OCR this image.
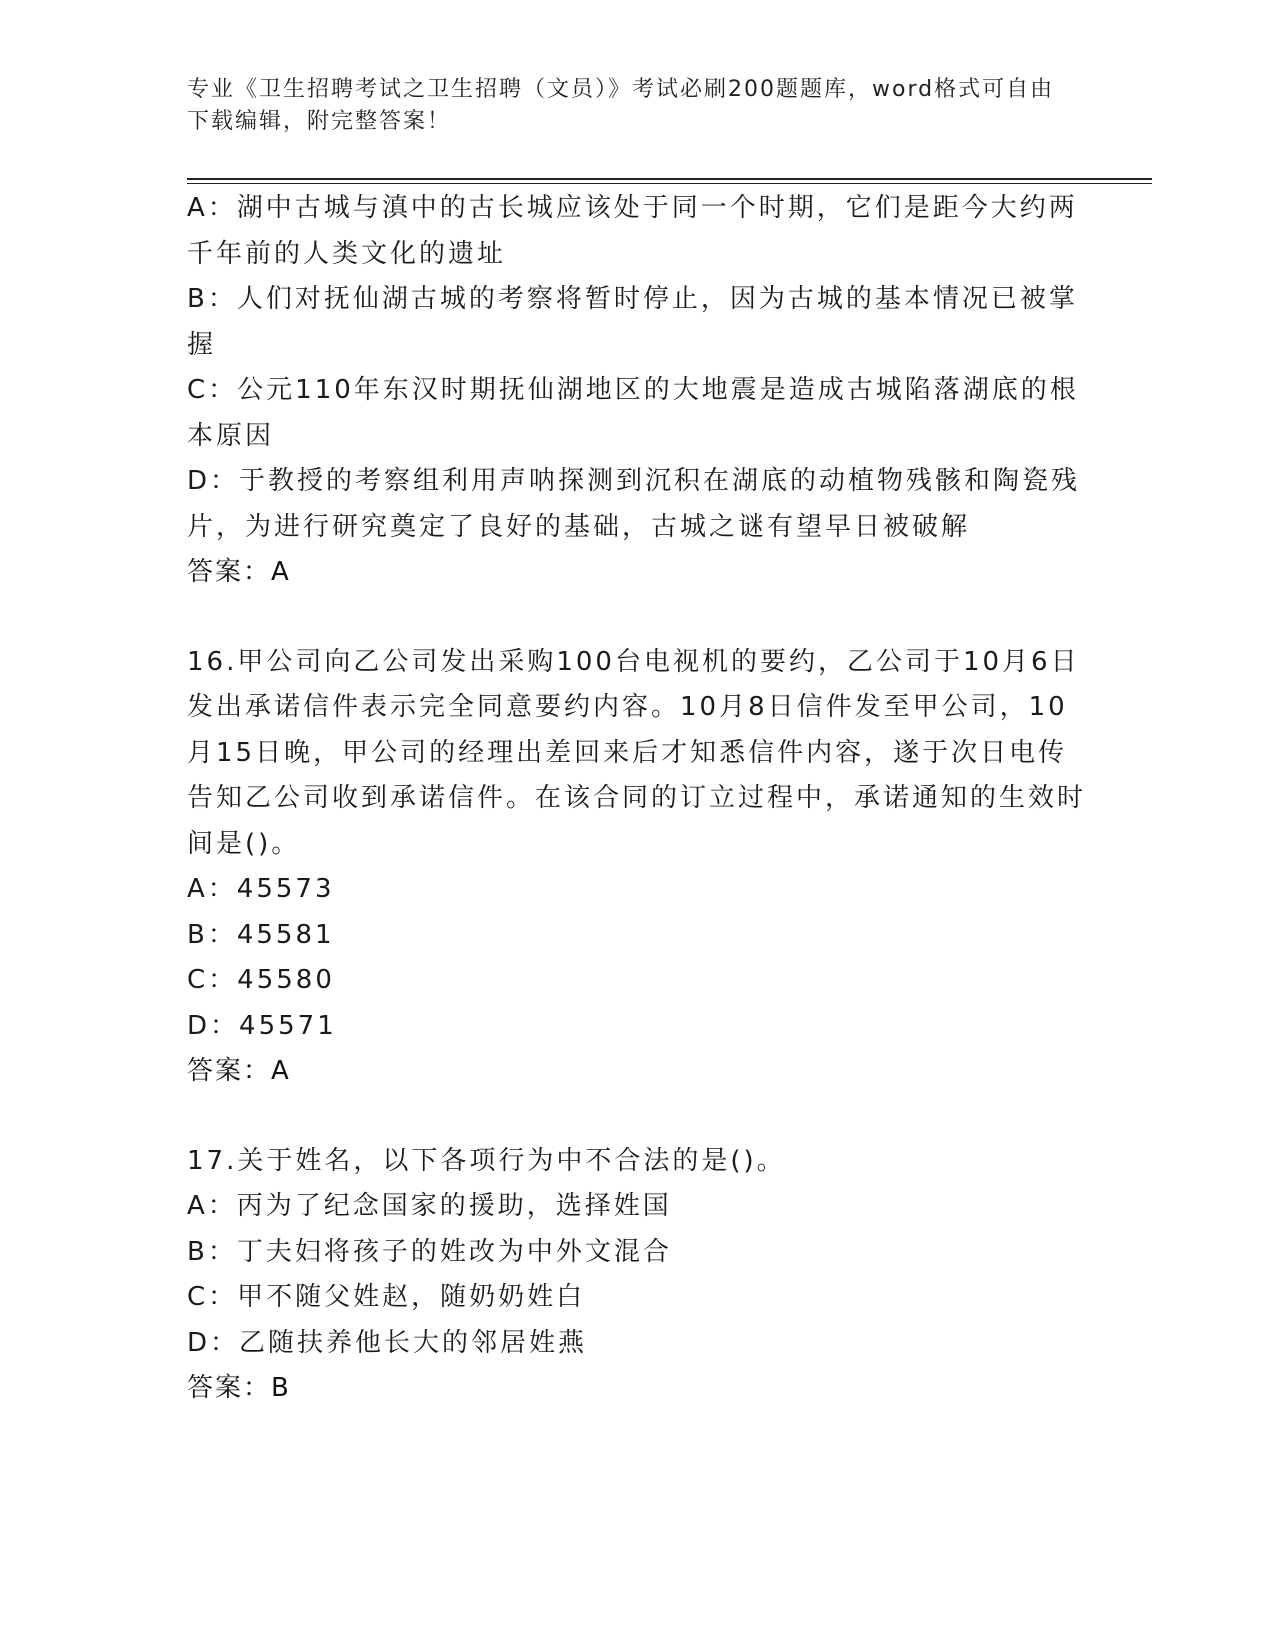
专业《卫生招聘考试之卫生招聘（文员）》考试必刷200题题库，word格式可自由下载编辑，附完整答案！
A：湖中古城与滇中的古长城应该处于同一个时期，它们是距今大约两千年前的人类文化的遗址
B：人们对抚仙湖古城的考察将暂时停止，因为古城的基本情况已被掌握
C：公元110年东汉时期抚仙湖地区的大地震是造成古城陷落湖底的根本原因
D：于教授的考察组利用声呐探测到沉积在湖底的动植物残骸和陶瓷残片，为进行研究奠定了良好的基础，古城之谜有望早日被破解
答案：A
16.甲公司向乙公司发出采购100台电视机的要约，乙公司于10月6日发出承诺信件表示完全同意要约内容。10月8日信件发至甲公司，10月15日晚，甲公司的经理出差回来后才知悉信件内容，遂于次日电传告知乙公司收到承诺信件。在该合同的订立过程中，承诺通知的生效时间是()。
A：45573
B：45581
C：45580
D：45571
答案：A
17.关于姓名，以下各项行为中不合法的是()。
A：丙为了纪念国家的援助，选择姓国
B：丁夫妇将孩子的姓改为中外文混合
C：甲不随父姓赵，随奶奶姓白
D：乙随扶养他长大的邻居姓燕
答案：B
